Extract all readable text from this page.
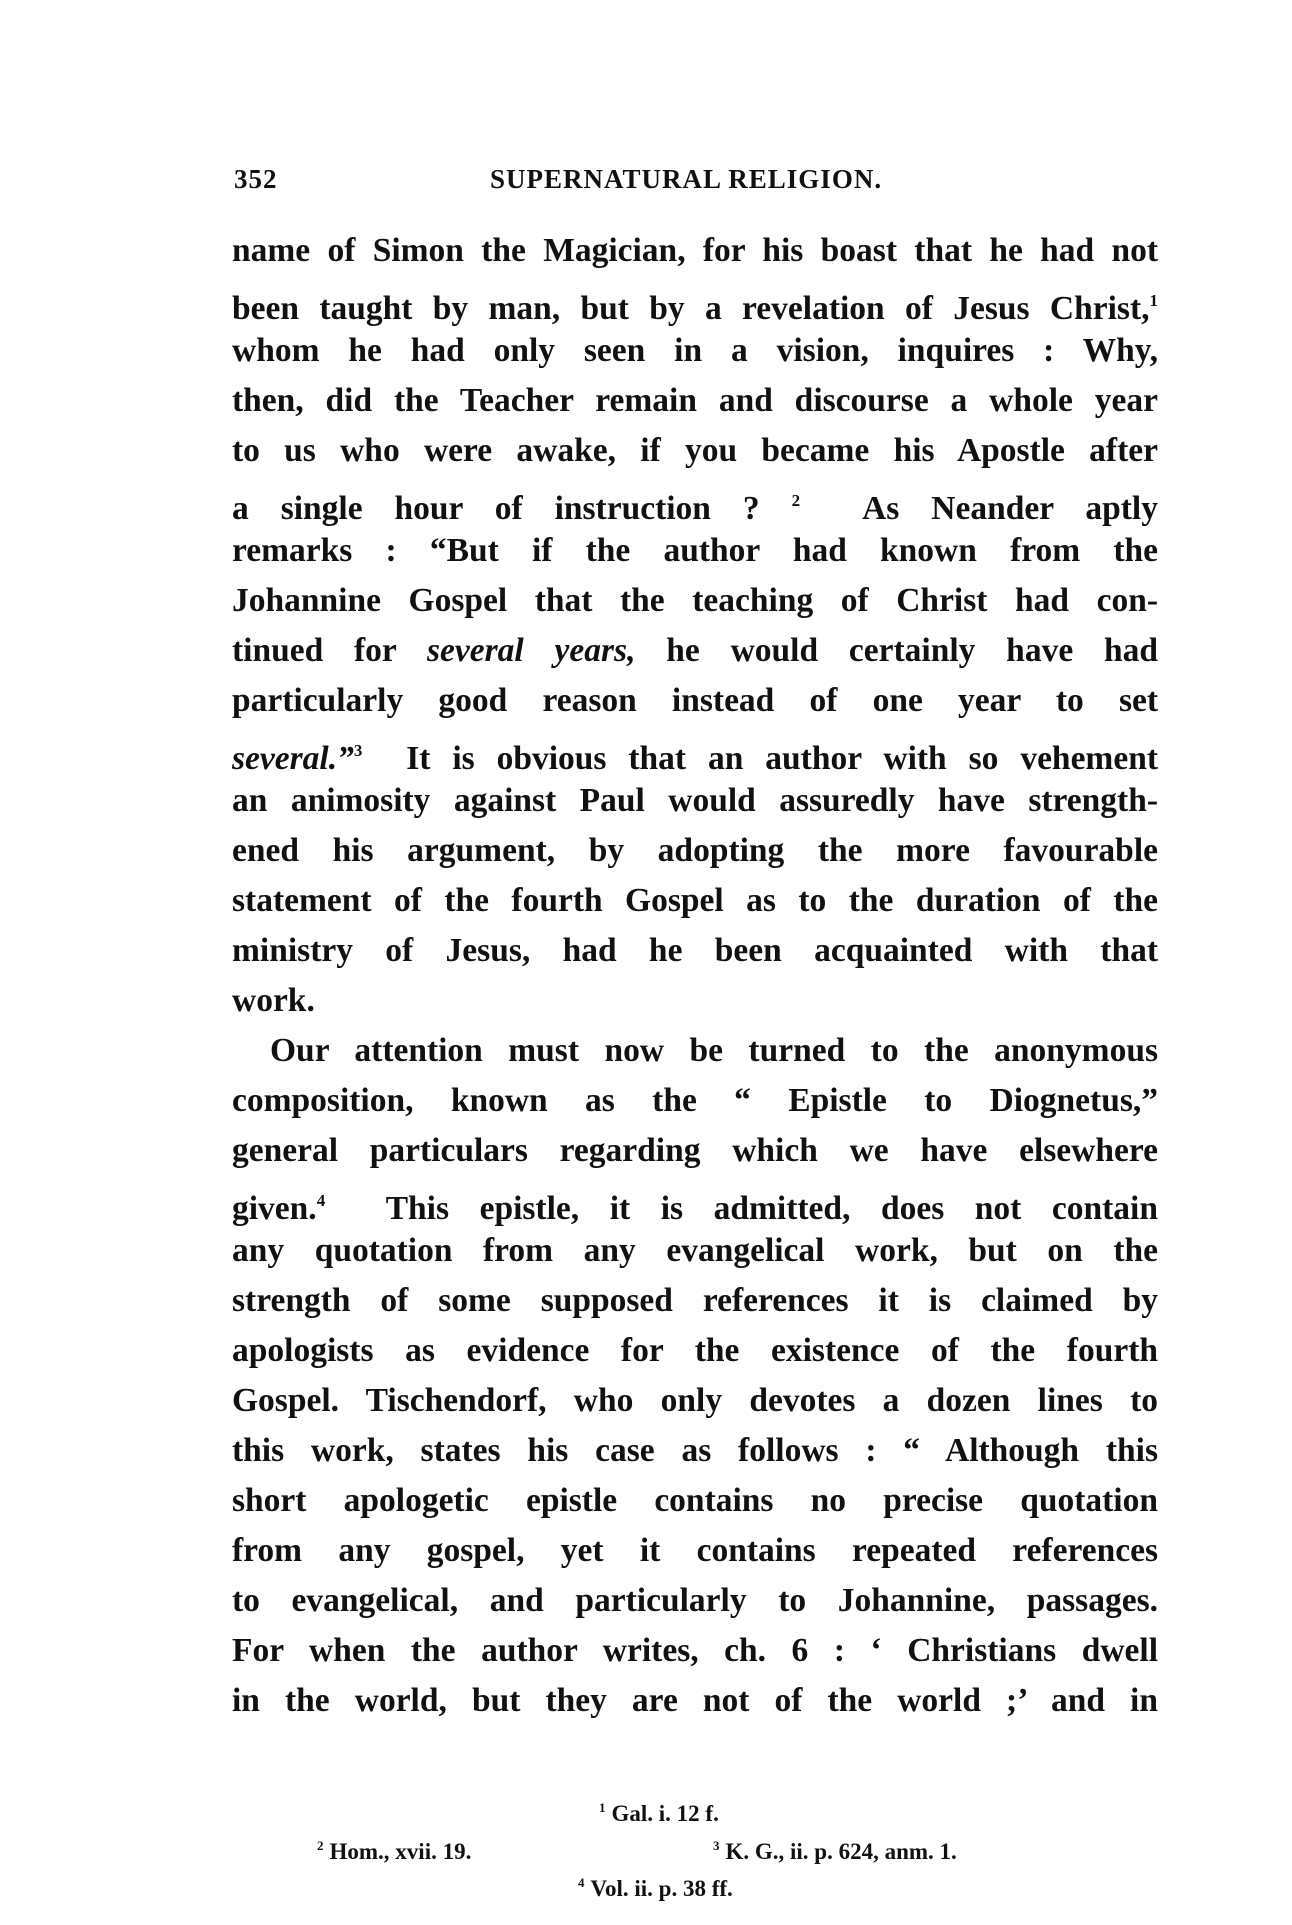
352	SUPERNATURAL RELIGION.
name of Simon the Magician, for his boast that he had not
been taught by man, but by a revelation of Jesus Christ,$^1$
whom he had only seen in a vision, inquires : Why,
then, did the Teacher remain and discourse a whole year
to us who were awake, if you became his Apostle after
a single hour of instruction ? $^2$  As Neander aptly
remarks : “But if the author had known from the
Johannine Gospel that the teaching of Christ had con-
tinued for several years, he would certainly have had
particularly good reason instead of one year to set
several.”$^3$  It is obvious that an author with so vehement
an animosity against Paul would assuredly have strength-
ened his argument, by adopting the more favourable
statement of the fourth Gospel as to the duration of the
ministry of Jesus, had he been acquainted with that
work.
Our attention must now be turned to the anonymous
composition, known as the “ Epistle to Diognetus,”
general particulars regarding which we have elsewhere
given.$^4$  This epistle, it is admitted, does not contain
any quotation from any evangelical work, but on the
strength of some supposed references it is claimed by
apologists as evidence for the existence of the fourth
Gospel. Tischendorf, who only devotes a dozen lines to
this work, states his case as follows : “ Although this
short apologetic epistle contains no precise quotation
from any gospel, yet it contains repeated references
to evangelical, and particularly to Johannine, passages.
For when the author writes, ch. 6 : ‘ Christians dwell
in the world, but they are not of the world ;’ and in
$^1$ Gal. i. 12 f.
$^2$ Hom., xvii. 19.	$^3$ K. G., ii. p. 624, anm. 1.
$^4$ Vol. ii. p. 38 ff.
